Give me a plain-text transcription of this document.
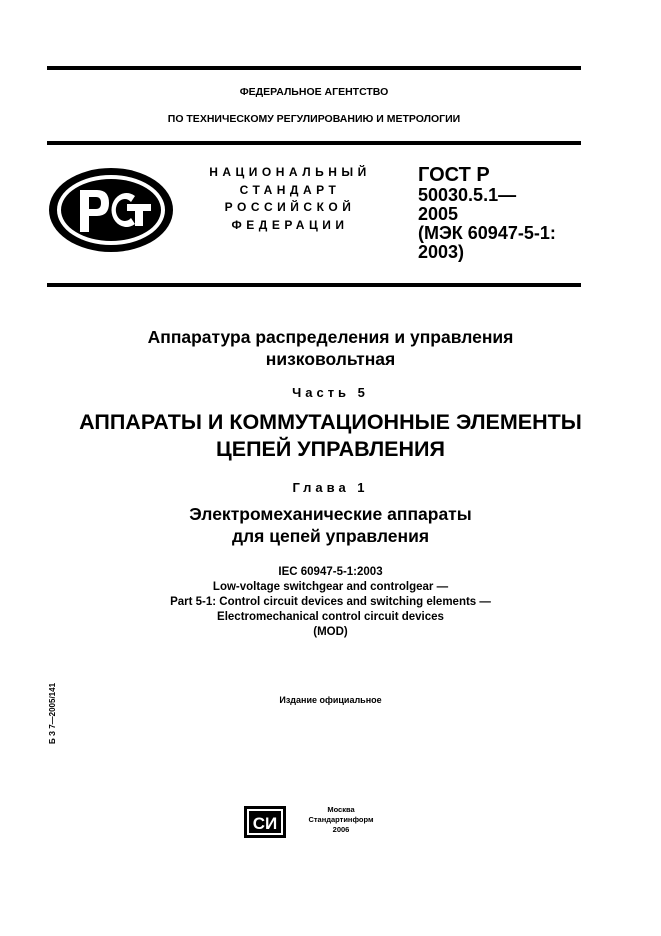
ФЕДЕРАЛЬНОЕ АГЕНТСТВО
ПО ТЕХНИЧЕСКОМУ РЕГУЛИРОВАНИЮ И МЕТРОЛОГИИ
НАЦИОНАЛЬНЫЙ
СТАНДАРТ
РОССИЙСКОЙ
ФЕДЕРАЦИИ
ГОСТ Р
50030.5.1—
2005
(МЭК 60947-5-1:
2003)
Аппаратура распределения и управления
низковольтная
Часть 5
АППАРАТЫ И КОММУТАЦИОННЫЕ ЭЛЕМЕНТЫ
ЦЕПЕЙ УПРАВЛЕНИЯ
Глава 1
Электромеханические аппараты
для цепей управления
IEC 60947-5-1:2003
Low-voltage switchgear and controlgear —
Part 5-1: Control circuit devices and switching elements —
Electromechanical control circuit devices
(MOD)
Издание официальное
Б З 7—2005/141
СИ
Москва
Стандартинформ
2006
